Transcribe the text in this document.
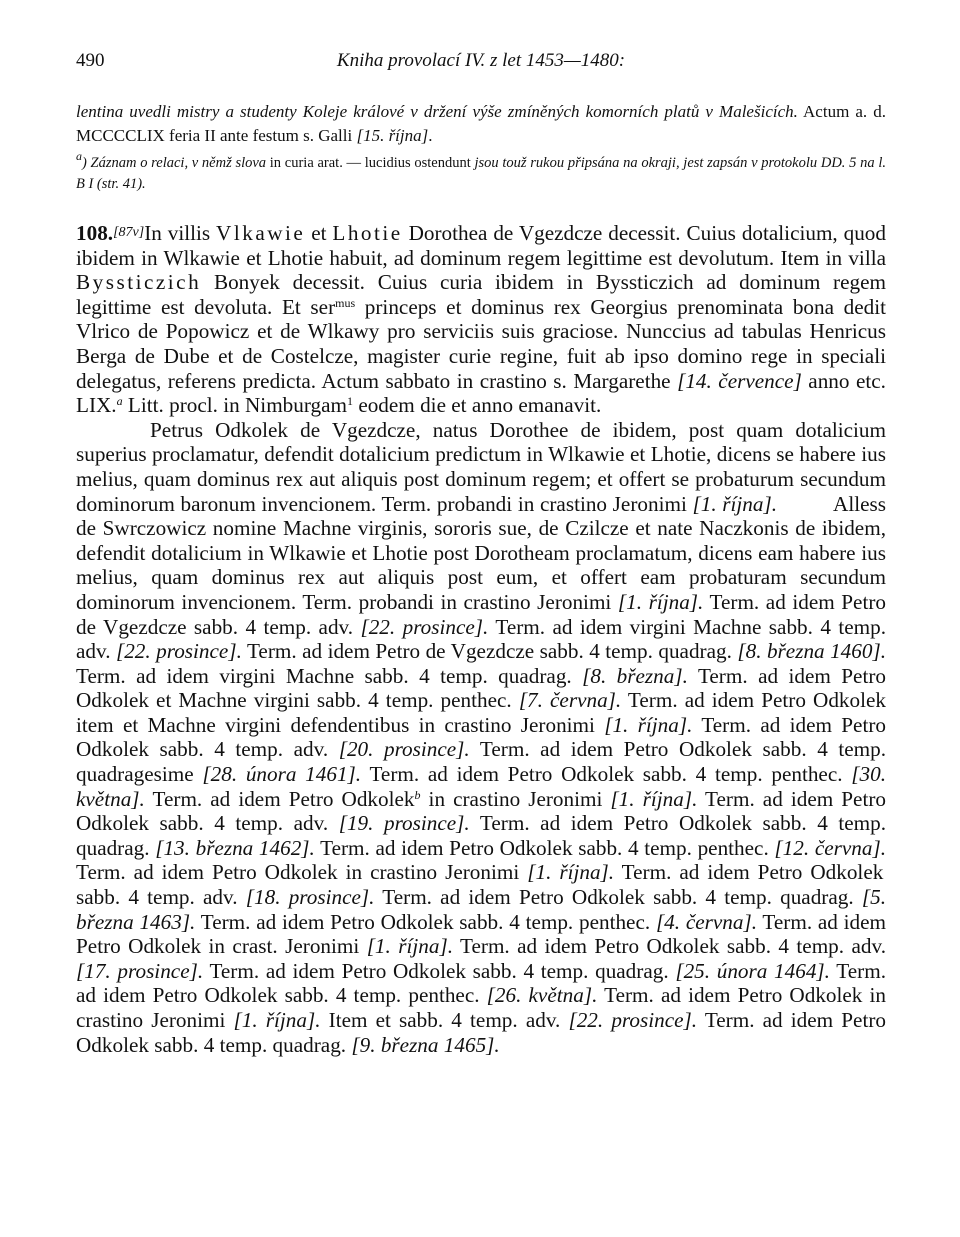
490	Kniha provolací IV. z let 1453—1480:
lentina uvedli mistry a studenty Koleje králové v držení výše zmíněných komorních platů v Malešicích. Actum a. d. MCCCCLIX feria II ante festum s. Galli [15. října].
$^a$) Záznam o relaci, v němž slova in curia arat. — lucidius ostendunt jsou touž rukou připsána na okraji, jest zapsán v protokolu DD. 5 na l. B I (str. 41).

108.[87v]In villis Vlkawie et Lhotie Dorothea de Vgezdcze decessit. Cuius dotalicium, quod ibidem in Wlkawie et Lhotie habuit, ad dominum regem legittime est devolutum. Item in villa Byssticzich Bonyek decessit. Cuius curia ibidem in Byssticzich ad dominum regem legittime est devoluta. Et ser$^{mus}$ princeps et dominus rex Georgius prenominata bona dedit Vlrico de Popowicz et de Wlkawy pro serviciis suis graciose. Nunccius ad tabulas Henricus Berga de Dube et de Costelcze, magister curie regine, fuit ab ipso domino rege in speciali delegatus, referens predicta. Actum sabbato in crastino s. Margarethe [14. července] anno etc. LIX.$^a$ Litt. procl. in Nimburgam$^1$ eodem die et anno emanavit.

Petrus Odkolek de Vgezdcze, natus Dorothee de ibidem, post quam dotalicium superius proclamatur, defendit dotalicium predictum in Wlkawie et Lhotie, dicens se habere ius melius, quam dominus rex aut aliquis post dominum regem; et offert se probaturum secundum dominorum baronum invencionem. Term. probandi in crastino Jeronimi [1. října].	Alless de Swrczowicz nomine Machne virginis, sororis sue, de Czilcze et nate Naczkonis de ibidem, defendit dotalicium in Wlkawie et Lhotie post Dorotheam proclamatum, dicens eam habere ius melius, quam dominus rex aut aliquis post eum, et offert eam probaturam secundum dominorum invencionem. Term. probandi in crastino Jeronimi [1. října]. Term. ad idem Petro de Vgezdcze sabb. 4 temp. adv. [22. prosince]. Term. ad idem virgini Machne sabb. 4 temp. adv. [22. prosince]. Term. ad idem Petro de Vgezdcze sabb. 4 temp. quadrag. [8. března 1460]. Term. ad idem virgini Machne sabb. 4 temp. quadrag. [8. března]. Term. ad idem Petro Odkolek et Machne virgini sabb. 4 temp. penthec. [7. června]. Term. ad idem Petro Odkolek item et Machne virgini defendentibus in crastino Jeronimi [1. října]. Term. ad idem Petro Odkolek sabb. 4 temp. adv. [20. prosince]. Term. ad idem Petro Odkolek sabb. 4 temp. quadragesime [28. února 1461]. Term. ad idem Petro Odkolek sabb. 4 temp. penthec. [30. května]. Term. ad idem Petro Odkolek$^b$ in crastino Jeronimi [1. října]. Term. ad idem Petro Odkolek sabb. 4 temp. adv. [19. prosince]. Term. ad idem Petro Odkolek sabb. 4 temp. quadrag. [13. března 1462]. Term. ad idem Petro Odkolek sabb. 4 temp. penthec. [12. června]. Term. ad idem Petro Odkolek in crastino Jeronimi [1. října]. Term. ad idem Petro Odkolek sabb. 4 temp. adv. [18. prosince]. Term. ad idem Petro Odkolek sabb. 4 temp. quadrag. [5. března 1463]. Term. ad idem Petro Odkolek sabb. 4 temp. penthec. [4. června]. Term. ad idem Petro Odkolek in crast. Jeronimi [1. října]. Term. ad idem Petro Odkolek sabb. 4 temp. adv. [17. prosince]. Term. ad idem Petro Odkolek sabb. 4 temp. quadrag. [25. února 1464]. Term. ad idem Petro Odkolek sabb. 4 temp. penthec. [26. května]. Term. ad idem Petro Odkolek in crastino Jeronimi [1. října]. Item et sabb. 4 temp. adv. [22. prosince]. Term. ad idem Petro Odkolek sabb. 4 temp. quadrag. [9. března 1465].
